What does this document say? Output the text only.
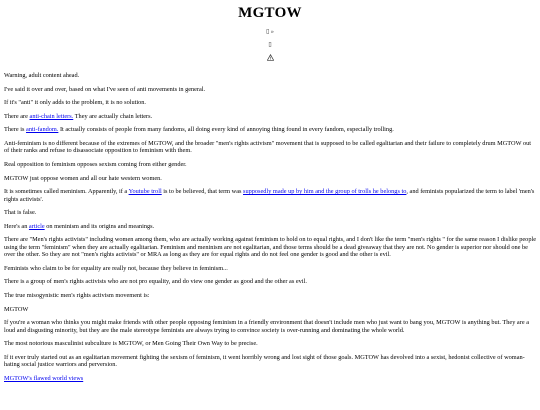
MGTOW
▯ »
▯

Warning, adult content ahead.

I've said it over and over, based on what I've seen of anti movements in general.

If it's "anti" it only adds to the problem, it is no solution.

There are anti-chain letters. They are actually chain letters.

There is anti-fandom. It actually consists of people from many fandoms, all doing every kind of annoying thing found in every fandom, especially trolling.

Anti-feminism is no different because of the extremes of MGTOW, and the broader "men's rights activism" movement that is supposed to be called egalitarian and their failure to completely drum MGTOW out of their ranks and refuse to disassociate opposition to feminism with them.

Real opposition to feminism opposes sexism coming from either gender.

MGTOW just oppose women and all our hate western women.

It is sometimes called meninism. Apparently, if a Youtube troll is to be believed, that term was supposedly made up by him and the group of trolls he belongs to, and feminists popularized the term to label 'men's rights activists'.

That is false.

Here's an article on meninism and its origins and meanings.

There are "Men's rights activists" including women among them, who are actually working against feminism to hold on to equal rights, and I don't like the term "men's rights " for the same reason I dislike people using the term "feminism" when they are actually egalitarian. Feminism and meninism are not egalitarian, and those terms should be a dead giveaway that they are not. No gender is superior nor should one be over the other. So they are not "men's rights activists" or MRA as long as they are for equal rights and do not feel one gender is good and the other is evil.

Feminists who claim to be for equality are really not, because they believe in feminism...

There is a group of men's rights activists who are not pro equality, and do view one gender as good and the other as evil.

The true misogynistic men's rights activism movement is:

MGTOW

If you're a woman who thinks you might make friends with other people opposing feminism in a friendly environment that doesn't include men who just want to bang you, MGTOW is anything but. They are a loud and disgusting minority, but they are the male stereotype feminists are always trying to convince society is over-running and dominating the whole world.

The most notorious masculinist subculture is MGTOW, or Men Going Their Own Way to be precise.

If it ever truly started out as an egalitarian movement fighting the sexism of feminism, it went horribly wrong and lost sight of those goals. MGTOW has devolved into a sexist, hedonist collective of woman-hating social justice warriors and perversion.

MGTOW's flawed world views
